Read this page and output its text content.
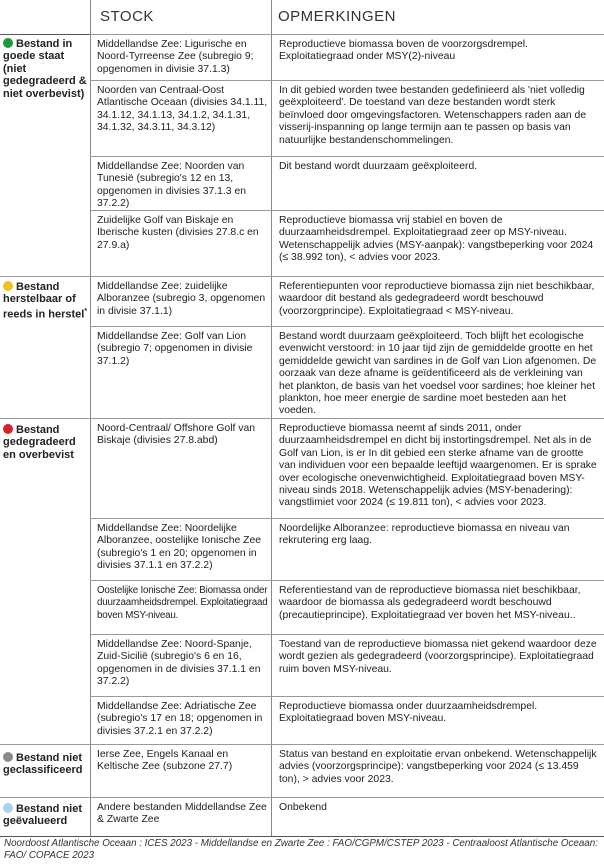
STOCK	OPMERKINGEN
Bestand in goede staat (niet gedegradeerd & niet overbevist)
Bestand herstelbaar of reeds in herstel*
Bestand gedegradeerd en overbevist
Bestand niet geclassificeerd
Bestand niet geëvalueerd
Middellandse Zee: Ligurische en Noord-Tyrreense Zee (subregio 9; opgenomen in divisie 37.1.3)
Reproductieve biomassa boven de voorzorgsdrempel. Exploitatiegraad onder MSY(2)-niveau
Noorden van Centraal-Oost Atlantische Oceaan (divisies 34.1.11, 34.1.12, 34.1.13, 34.1.2, 34.1.31, 34.1.32, 34.3.11, 34.3.12)
In dit gebied worden twee bestanden gedefinieerd als 'niet volledig geëxploiteerd'. De toestand van deze bestanden wordt sterk beïnvloed door omgevingsfactoren. Wetenschappers raden aan de visserij-inspanning op lange termijn aan te passen op basis van natuurlijke bestandenschommelingen.
Middellandse Zee: Noorden van Tunesië (subregio's 12 en 13, opgenomen in divisies 37.1.3 en 37.2.2)
Dit bestand wordt duurzaam geëxploiteerd.
Zuidelijke Golf van Biskaje en Iberische kusten (divisies 27.8.c en 27.9.a)
Reproductieve biomassa vrij stabiel en boven de duurzaamheidsdrempel. Exploitatiegraad zeer op MSY-niveau. Wetenschappelijk advies (MSY-aanpak): vangstbeperking voor 2024 (≤ 38.992 ton), < advies voor 2023.
Middellandse Zee: zuidelijke Alboranzee (subregio 3, opgenomen in divisie 37.1.1)
Referentiepunten voor reproductieve biomassa zijn niet beschikbaar, waardoor dit bestand als gedegradeerd wordt beschouwd (voorzorgprincipe). Exploitatiegraad < MSY-niveau.
Middellandse Zee: Golf van Lion (subregio 7; opgenomen in divisie 37.1.2)
Bestand wordt duurzaam geëxploiteerd. Toch blijft het ecologische evenwicht verstoord: in 10 jaar tijd zijn de gemiddelde grootte en het gemiddelde gewicht van sardines in de Golf van Lion afgenomen. De oorzaak van deze afname is geïdentificeerd als de verkleining van het plankton, de basis van het voedsel voor sardines; hoe kleiner het plankton, hoe meer energie de sardine moet besteden aan het voeden.
Noord-Centraal/ Offshore Golf van Biskaje (divisies 27.8.abd)
Reproductieve biomassa neemt af sinds 2011, onder duurzaamheidsdrempel en dicht bij instortingsdrempel. Net als in de Golf van Lion, is er In dit gebied een sterke afname van de grootte van individuen voor een bepaalde leeftijd waargenomen. Er is sprake over ecologische onevenwichtigheid. Exploitatiegraad boven MSY-niveau sinds 2018. Wetenschappelijk advies (MSY-benadering): vangstlimiet voor 2024 (≤ 19.811 ton), < advies voor 2023.
Middellandse Zee: Noordelijke Alboranzee, oostelijke Ionische Zee (subregio's 1 en 20; opgenomen in divisies 37.1.1 en 37.2.2)
Noordelijke Alboranzee: reproductieve biomassa en niveau van rekrutering erg laag.
Oostelijke Ionische Zee: Biomassa onder duurzaamheidsdrempel. Exploitatiegraad boven MSY-niveau.
Referentiestand van de reproductieve biomassa niet beschikbaar, waardoor de biomassa als gedegradeerd wordt beschouwd (precautieprincipe). Exploitatiegraad ver boven het MSY-niveau..
Middellandse Zee: Noord-Spanje, Zuid-Sicilië (subregio's 6 en 16, opgenomen in de divisies 37.1.1 en 37.2.2)
Toestand van de reproductieve biomassa niet gekend waardoor deze wordt gezien als gedegradeerd (voorzorgsprincipe). Exploitatiegraad ruim boven MSY-niveau.
Middellandse Zee: Adriatische Zee (subregio's 17 en 18; opgenomen in divisies 37.2.1 en 37.2.2)
Reproductieve biomassa onder duurzaamheidsdrempel. Exploitatiegraad boven MSY-niveau.
Ierse Zee, Engels Kanaal en Keltische Zee (subzone 27.7)
Status van bestand en exploitatie ervan onbekend. Wetenschappelijk advies (voorzorgsprincipe): vangstbeperking voor 2024 (≤ 13.459 ton), > advies voor 2023.
Andere bestanden Middellandse Zee & Zwarte Zee
Onbekend
Noordoost Atlantische Oceaan : ICES 2023 - Middellandse en Zwarte Zee : FAO/CGPM/CSTEP 2023 - Centraaloost Atlantische Oceaan: FAO/ COPACE 2023
